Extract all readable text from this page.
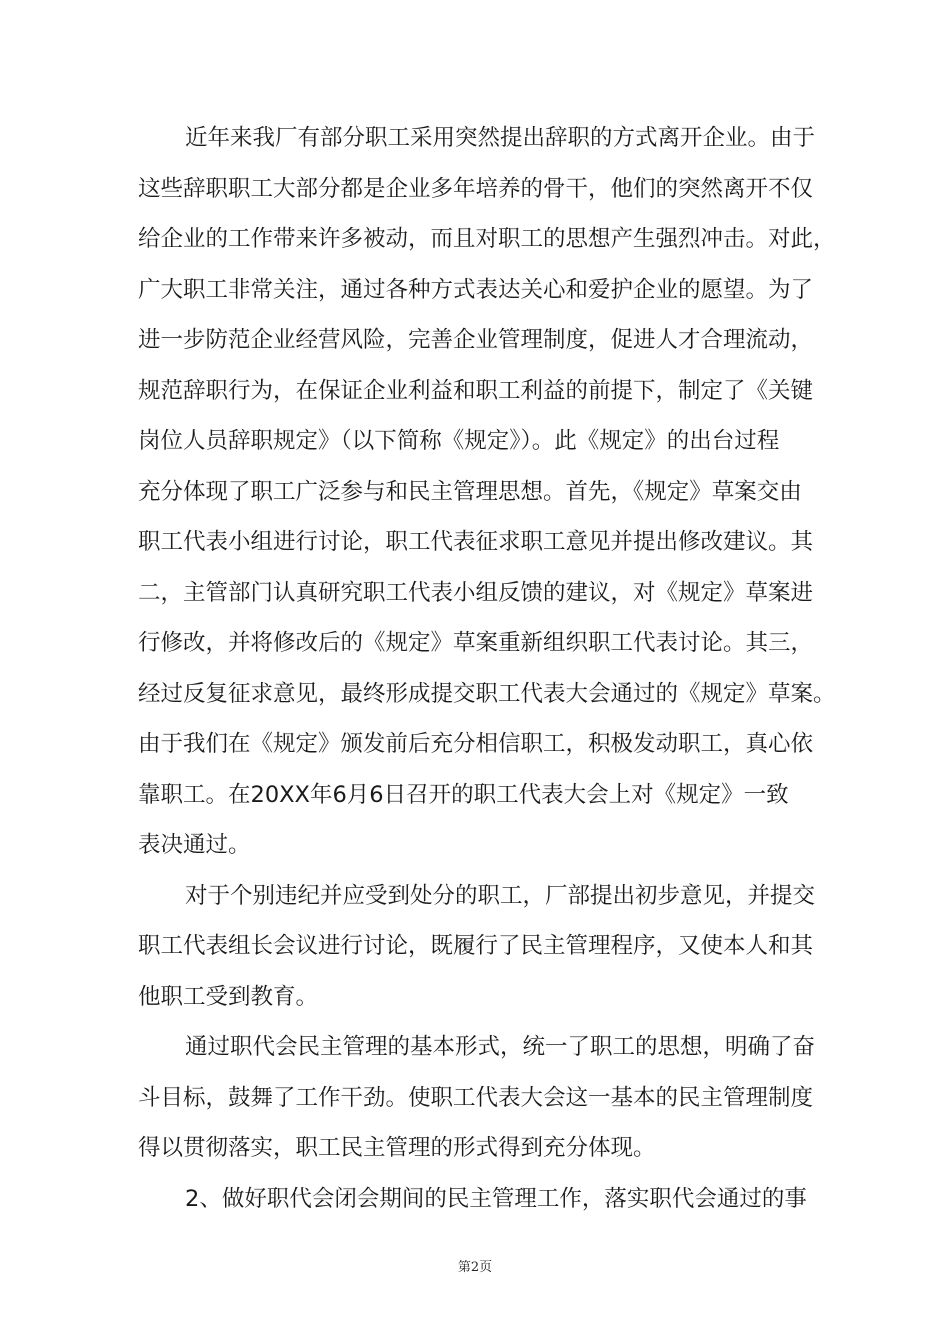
近年来我厂有部分职工采用突然提出辞职的方式离开企业。由于
这些辞职职工大部分都是企业多年培养的骨干，他们的突然离开不仅
给企业的工作带来许多被动，而且对职工的思想产生强烈冲击。对此，
广大职工非常关注，通过各种方式表达关心和爱护企业的愿望。为了
进一步防范企业经营风险，完善企业管理制度，促进人才合理流动，
规范辞职行为，在保证企业利益和职工利益的前提下，制定了《关键
岗位人员辞职规定》（以下简称《规定》）。此《规定》的出台过程
充分体现了职工广泛参与和民主管理思想。首先，《规定》草案交由
职工代表小组进行讨论，职工代表征求职工意见并提出修改建议。其
二，主管部门认真研究职工代表小组反馈的建议，对《规定》草案进
行修改，并将修改后的《规定》草案重新组织职工代表讨论。其三，
经过反复征求意见，最终形成提交职工代表大会通过的《规定》草案。
由于我们在《规定》颁发前后充分相信职工，积极发动职工，真心依
靠职工。在20XX年6月6日召开的职工代表大会上对《规定》一致
表决通过。
对于个别违纪并应受到处分的职工，厂部提出初步意见，并提交
职工代表组长会议进行讨论，既履行了民主管理程序，又使本人和其
他职工受到教育。
通过职代会民主管理的基本形式，统一了职工的思想，明确了奋
斗目标，鼓舞了工作干劲。使职工代表大会这一基本的民主管理制度
得以贯彻落实，职工民主管理的形式得到充分体现。
2、做好职代会闭会期间的民主管理工作，落实职代会通过的事
第2页
